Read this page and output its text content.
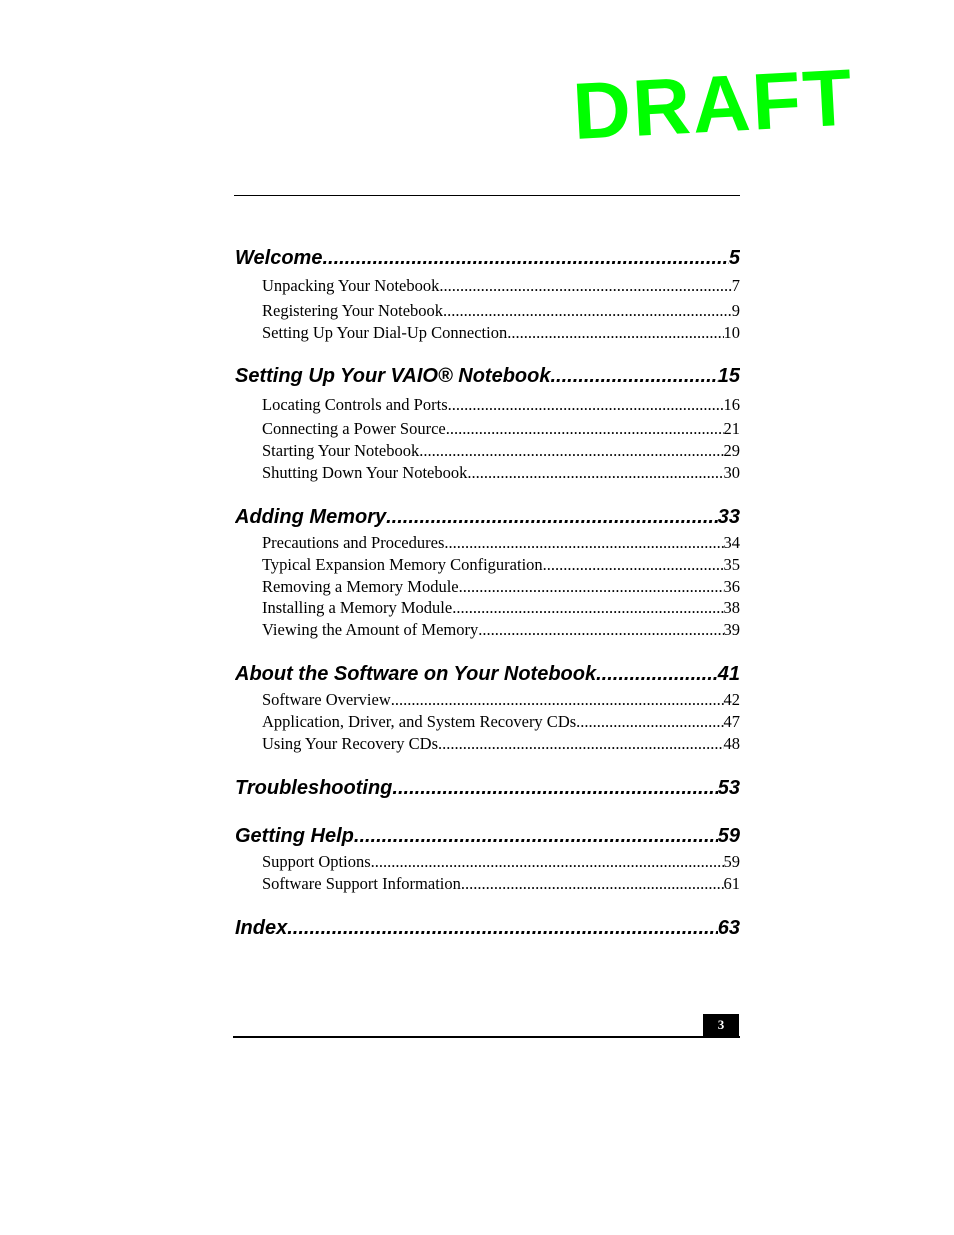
DRAFT
Welcome .....	5
Unpacking Your Notebook .....	7
Registering Your Notebook .....	9
Setting Up Your Dial-Up Connection .....	10
Setting Up Your VAIO® Notebook .....	15
Locating Controls and Ports .....	16
Connecting a Power Source .....	21
Starting Your Notebook .....	29
Shutting Down Your Notebook .....	30
Adding Memory .....	33
Precautions and Procedures .....	34
Typical Expansion Memory Configuration .....	35
Removing a Memory Module .....	36
Installing a Memory Module .....	38
Viewing the Amount of Memory .....	39
About the Software on Your Notebook .....	41
Software Overview .....	42
Application, Driver, and System Recovery CDs .....	47
Using Your Recovery CDs .....	48
Troubleshooting .....	53
Getting Help .....	59
Support Options .....	59
Software Support Information .....	61
Index .....	63
3
